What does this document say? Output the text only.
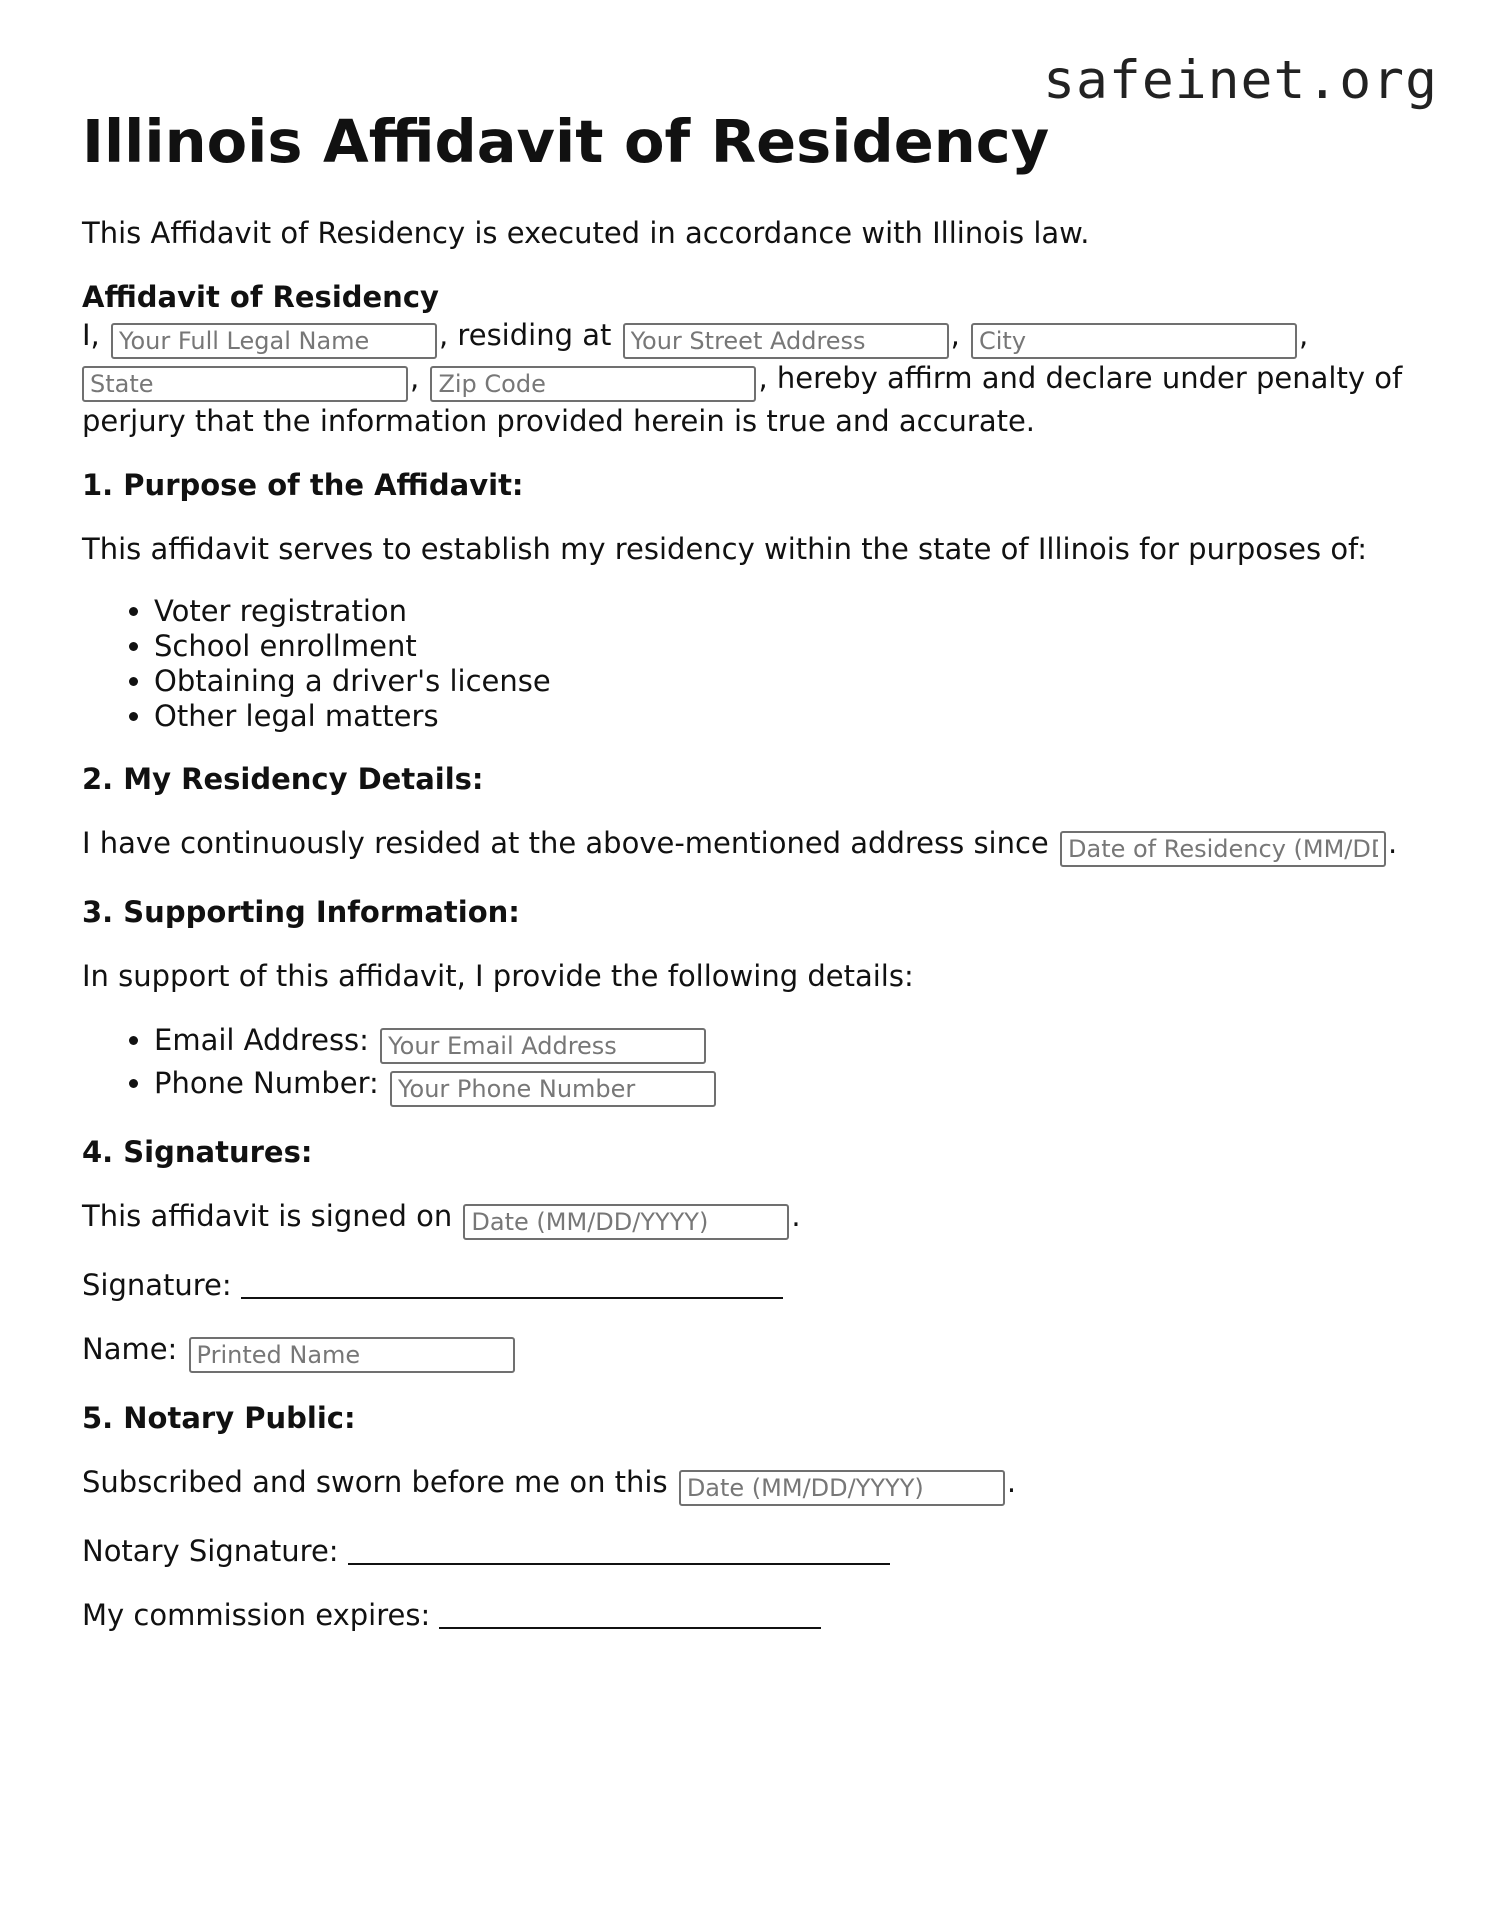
safeinet.org
Illinois Affidavit of Residency

This Affidavit of Residency is executed in accordance with Illinois law.

Affidavit of Residency

I, Your Full Legal Name	, residing at Your Street Address	, City	,
State, Zip Code	, hereby affirm and declare under penalty of perjury that the information provided herein is true and accurate.

1. Purpose of the Affidavit:

This affidavit serves to establish my residency within the state of Illinois for purposes of:

• Voter registration
• School enrollment
• Obtaining a driver's license
• Other legal matters
2. My Residency Details:

I have continuously resided at the above-mentioned address since Date of Residency (MM/DD/YYYY)	.

3. Supporting Information:

In support of this affidavit, I provide the following details:

• Email Address: Your Email Address
• Phone Number: Your Phone Number
4. Signatures:

This affidavit is signed on Date (MM/DD/YYYY)	.

Signature:

Name: Printed Name

5. Notary Public:

Subscribed and sworn before me on this Date (MM/DD/YYYY)	.

Notary Signature:

My commission expires:
